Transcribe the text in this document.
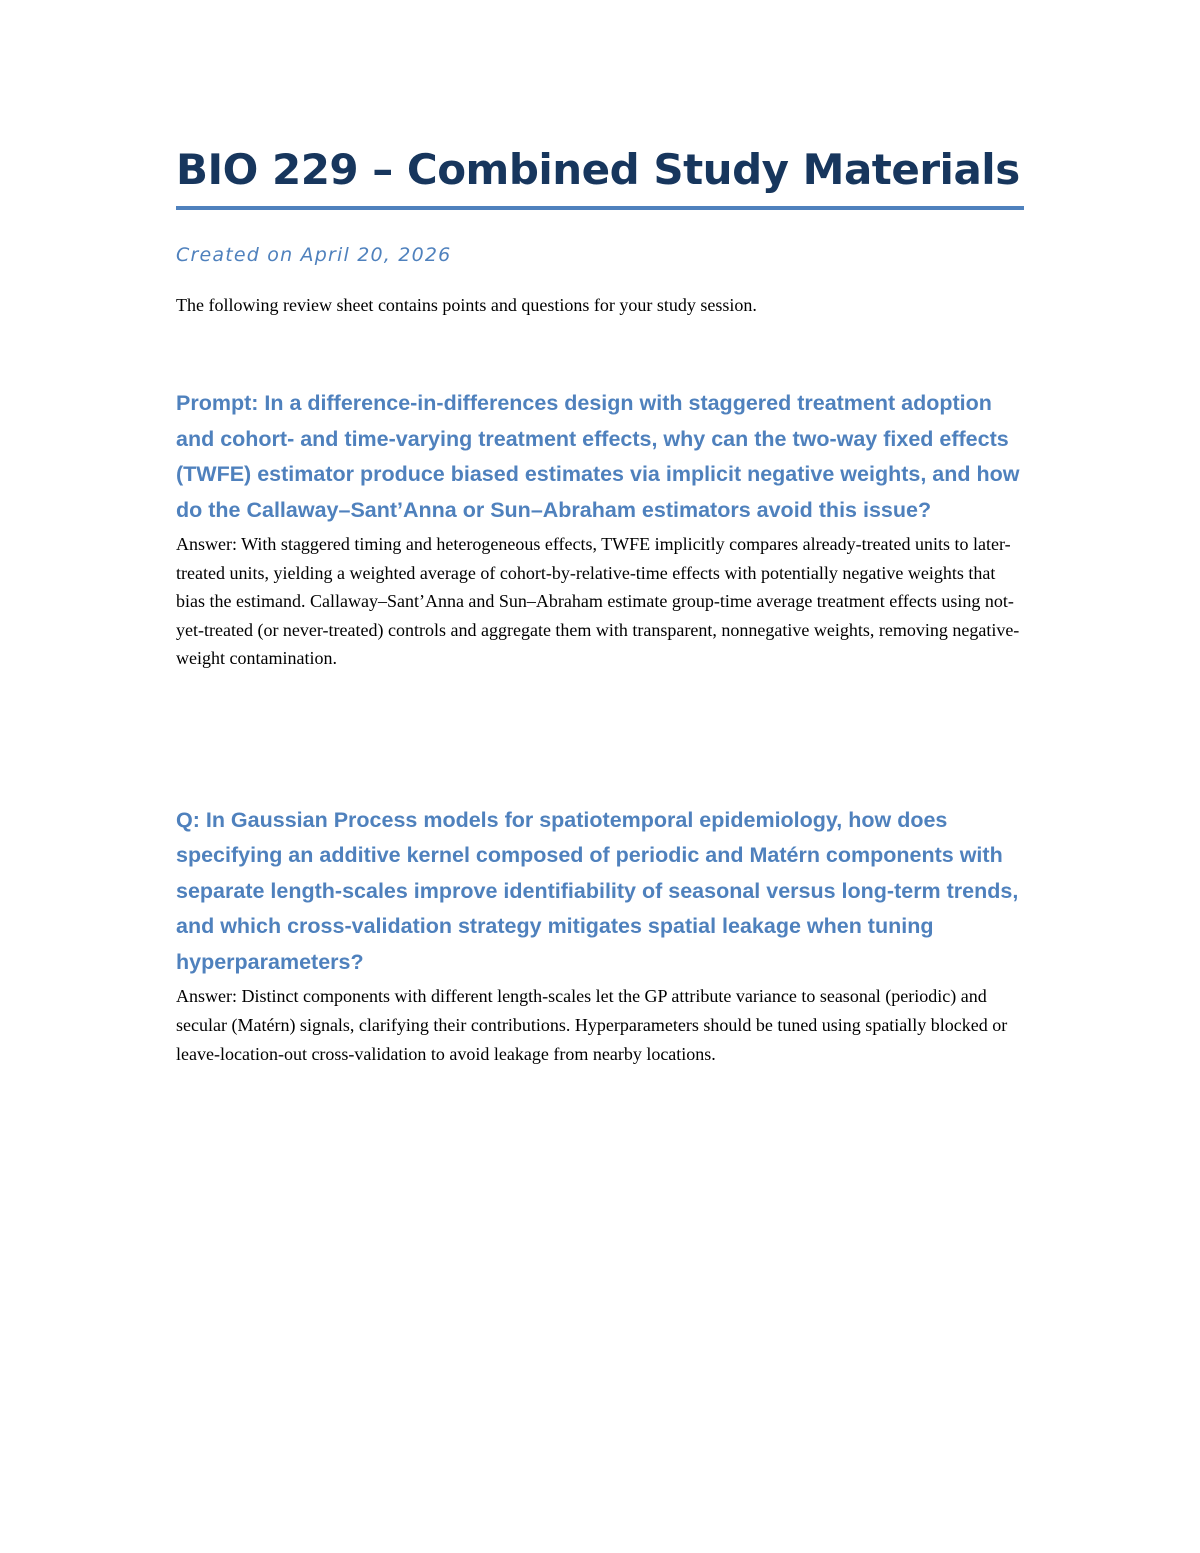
BIO 229 – Combined Study Materials

Created on April 20, 2026

The following review sheet contains points and questions for your study session.

Prompt: In a difference-in-differences design with staggered treatment adoption and cohort- and time-varying treatment effects, why can the two-way fixed effects (TWFE) estimator produce biased estimates via implicit negative weights, and how do the Callaway–Sant’Anna or Sun–Abraham estimators avoid this issue?

Answer: With staggered timing and heterogeneous effects, TWFE implicitly compares already-treated units to later-treated units, yielding a weighted average of cohort-by-relative-time effects with potentially negative weights that bias the estimand. Callaway–Sant’Anna and Sun–Abraham estimate group-time average treatment effects using not-yet-treated (or never-treated) controls and aggregate them with transparent, nonnegative weights, removing negative-weight contamination.

Q: In Gaussian Process models for spatiotemporal epidemiology, how does specifying an additive kernel composed of periodic and Matérn components with separate length-scales improve identifiability of seasonal versus long-term trends, and which cross-validation strategy mitigates spatial leakage when tuning hyperparameters?

Answer: Distinct components with different length-scales let the GP attribute variance to seasonal (periodic) and secular (Matérn) signals, clarifying their contributions. Hyperparameters should be tuned using spatially blocked or leave-location-out cross-validation to avoid leakage from nearby locations.
